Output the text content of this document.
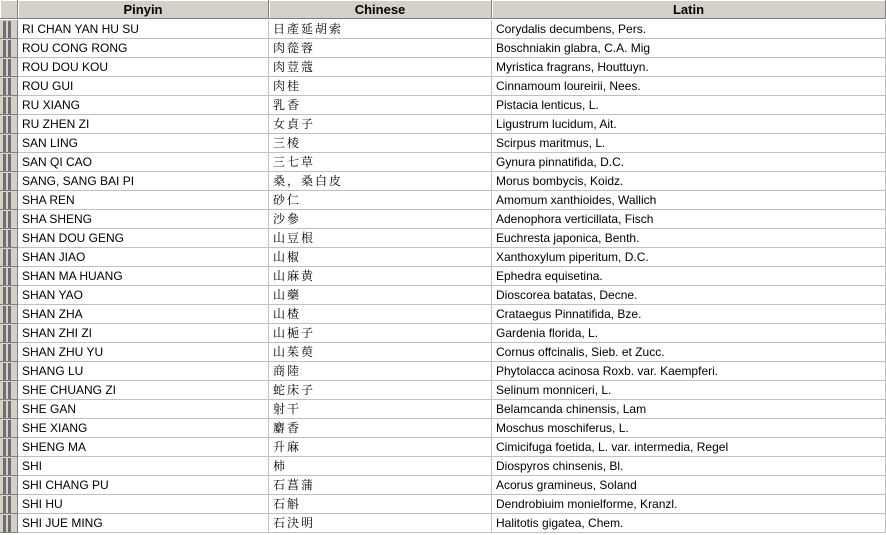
Pinyin	Chinese	Latin
RI CHAN YAN HU SU	日產延胡索	Corydalis decumbens, Pers.
ROU CONG RONG	肉蓯蓉	Boschniakin glabra, C.A. Mig
ROU DOU KOU	肉荳蔻	Myristica fragrans, Houttuyn.
ROU GUI	肉桂	Cinnamoum loureirii, Nees.
RU XIANG	乳香	Pistacia lenticus, L.
RU ZHEN ZI	女貞子	Ligustrum lucidum, Ait.
SAN LING	三棱	Scirpus maritmus, L.
SAN QI CAO	三七草	Gynura pinnatifida, D.C.
SANG, SANG BAI PI	桑，桑白皮	Morus bombycis, Koidz.
SHA REN	砂仁	Amomum xanthioides, Wallich
SHA SHENG	沙參	Adenophora verticillata, Fisch
SHAN DOU GENG	山豆根	Euchresta japonica, Benth.
SHAN JIAO	山椒	Xanthoxylum piperitum, D.C.
SHAN MA HUANG	山麻黄	Ephedra equisetina.
SHAN YAO	山藥	Dioscorea batatas, Decne.
SHAN ZHA	山楂	Crataegus Pinnatifida, Bze.
SHAN ZHI ZI	山梔子	Gardenia florida, L.
SHAN ZHU YU	山茱萸	Cornus offcinalis, Sieb. et Zucc.
SHANG LU	商陸	Phytolacca acinosa Roxb. var. Kaempferi.
SHE CHUANG ZI	蛇床子	Selinum monniceri, L.
SHE GAN	射干	Belamcanda chinensis, Lam
SHE XIANG	麝香	Moschus moschiferus, L.
SHENG MA	升麻	Cimicifuga foetida, L. var. intermedia, Regel
SHI	柿	Diospyros chinsenis, Bl.
SHI CHANG PU	石菖蒲	Acorus gramineus, Soland
SHI HU	石斛	Dendrobiuim monielforme, Kranzl.
SHI JUE MING	石決明	Halitotis gigatea, Chem.
